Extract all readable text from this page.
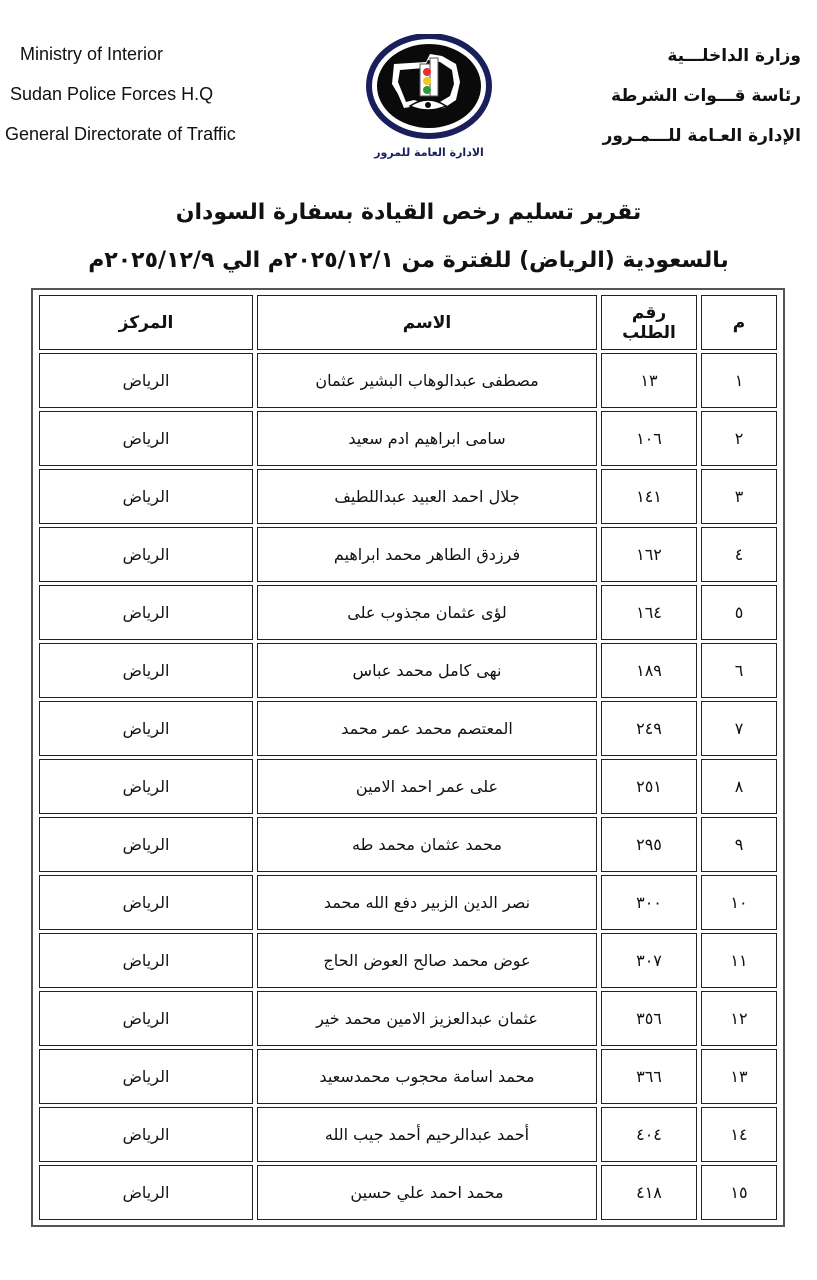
Ministry of Interior
Sudan Police Forces H.Q
General Directorate of Traffic
الادارة العامة للمرور
وزارة الداخلـــية
رئاسة قـــوات الشرطة
الإدارة العـامة للـــمـرور
تقرير تسليم رخص القيادة بسفارة السودان
بالسعودية (الرياض) للفترة من ٢٠٢٥/١٢/١م الي ٢٠٢٥/١٢/٩م
م	رقم الطلب	الاسم	المركز
١	١٣	مصطفى عبدالوهاب البشير عثمان	الرياض
٢	١٠٦	سامى ابراهيم ادم سعيد	الرياض
٣	١٤١	جلال احمد العبيد عبداللطيف	الرياض
٤	١٦٢	فرزدق الطاهر محمد ابراهيم	الرياض
٥	١٦٤	لؤى عثمان مجذوب على	الرياض
٦	١٨٩	نهى كامل محمد عباس	الرياض
٧	٢٤٩	المعتصم محمد عمر محمد	الرياض
٨	٢٥١	على عمر احمد الامين	الرياض
٩	٢٩٥	محمد عثمان محمد طه	الرياض
١٠	٣٠٠	نصر الدين الزبير دفع الله محمد	الرياض
١١	٣٠٧	عوض محمد صالح العوض الحاج	الرياض
١٢	٣٥٦	عثمان عبدالعزيز الامين محمد خير	الرياض
١٣	٣٦٦	محمد اسامة محجوب محمدسعيد	الرياض
١٤	٤٠٤	أحمد عبدالرحيم أحمد جيب الله	الرياض
١٥	٤١٨	محمد احمد علي حسين	الرياض
